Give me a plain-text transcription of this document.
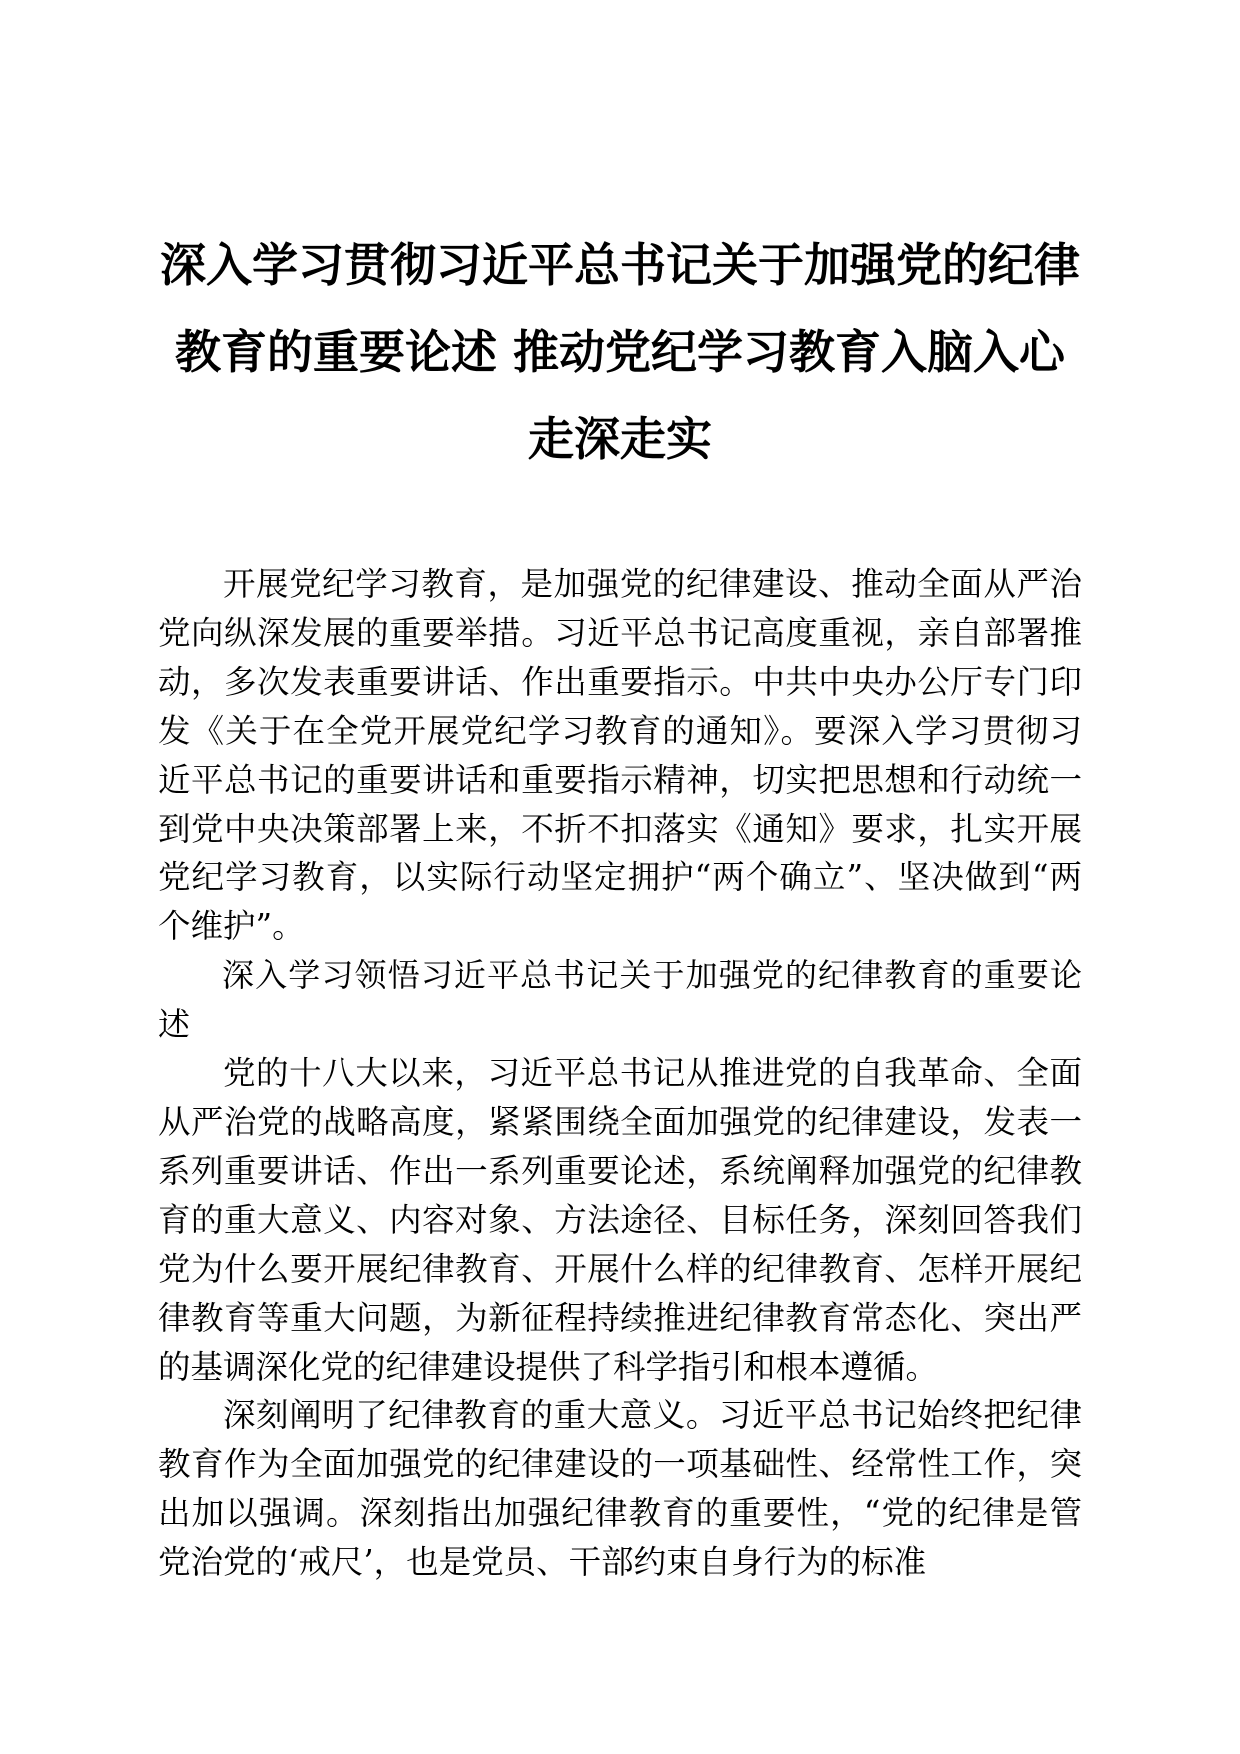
深入学习贯彻习近平总书记关于加强党的纪律
教育的重要论述 推动党纪学习教育入脑入心
走深走实

开展党纪学习教育，是加强党的纪律建设、推动全面从严治党向纵深发展的重要举措。习近平总书记高度重视，亲自部署推动，多次发表重要讲话、作出重要指示。中共中央办公厅专门印发《关于在全党开展党纪学习教育的通知》。要深入学习贯彻习近平总书记的重要讲话和重要指示精神，切实把思想和行动统一到党中央决策部署上来，不折不扣落实《通知》要求，扎实开展党纪学习教育，以实际行动坚定拥护“两个确立”、坚决做到“两个维护”。

深入学习领悟习近平总书记关于加强党的纪律教育的重要论述

党的十八大以来，习近平总书记从推进党的自我革命、全面从严治党的战略高度，紧紧围绕全面加强党的纪律建设，发表一系列重要讲话、作出一系列重要论述，系统阐释加强党的纪律教育的重大意义、内容对象、方法途径、目标任务，深刻回答我们党为什么要开展纪律教育、开展什么样的纪律教育、怎样开展纪律教育等重大问题，为新征程持续推进纪律教育常态化、突出严的基调深化党的纪律建设提供了科学指引和根本遵循。

深刻阐明了纪律教育的重大意义。习近平总书记始终把纪律教育作为全面加强党的纪律建设的一项基础性、经常性工作，突出加以强调。深刻指出加强纪律教育的重要性，“党的纪律是管党治党的‘戒尺’，也是党员、干部约束自身行为的标准
